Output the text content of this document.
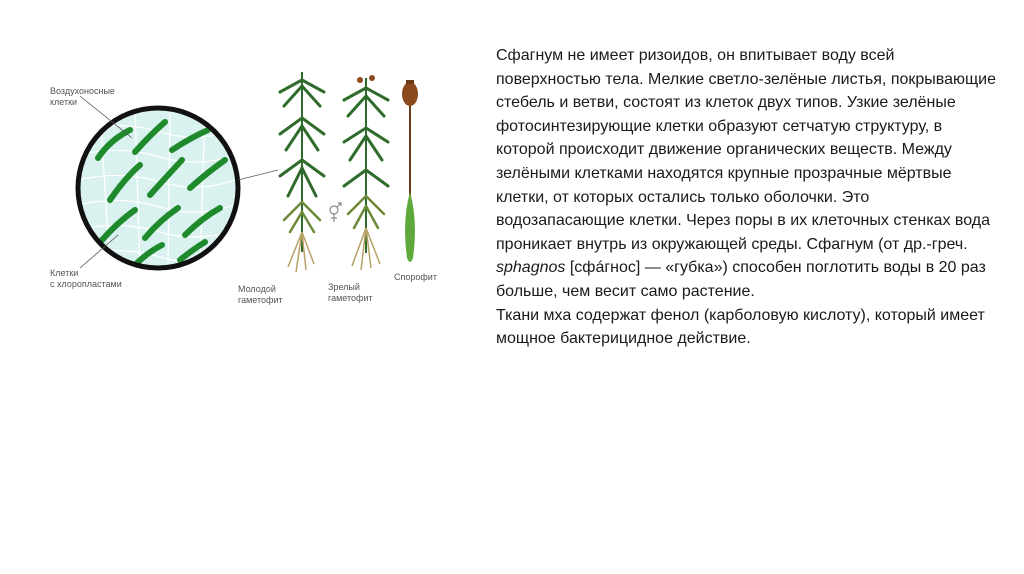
Воздухоносные
клетки
Клетки
с хлоропластами	Молодой
гаметофит
Зрелый
гаметофит
Спорофит

Сфагнум не имеет ризоидов, он впитывает воду всей поверхностью тела. Мелкие светло-зелёные листья, покрывающие стебель и ветви, состоят из клеток двух типов. Узкие зелёные фотосинтезирующие клетки образуют сетчатую структуру, в которой происходит движение органических веществ. Между зелёными клетками находятся крупные прозрачные мёртвые клетки, от которых остались только оболочки. Это водозапасающие клетки. Через поры в их клеточных стенках вода проникает внутрь из окружающей среды. Сфагнум (от др.-греч. sphagnos [сфáгнос] — «губка») способен поглотить воды в 20 раз больше, чем весит само растение.

Ткани мха содержат фенол (карболовую кислоту), который имеет мощное бактерицидное действие.
